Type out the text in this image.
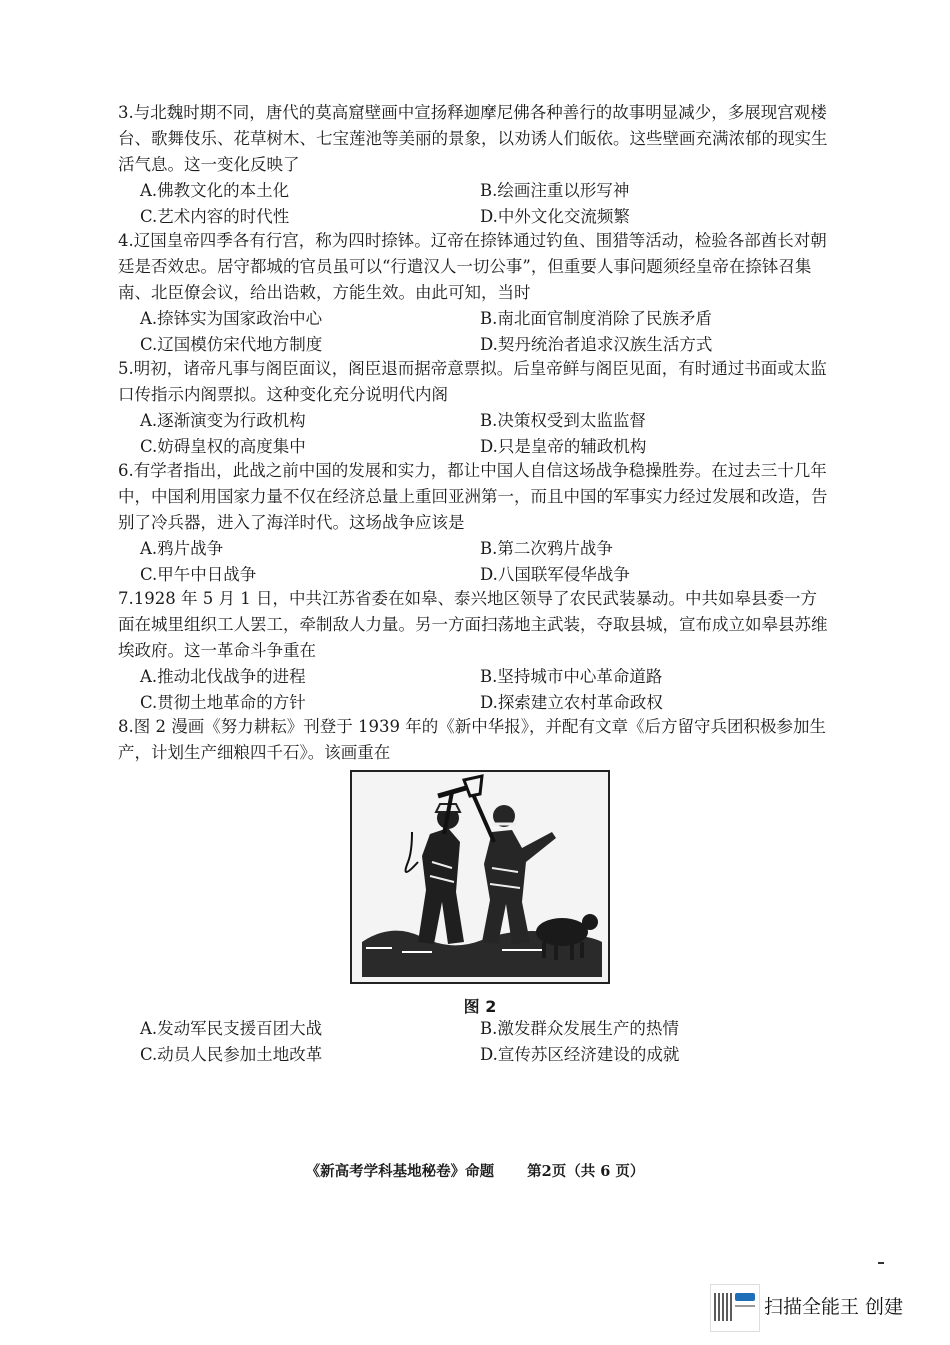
3.与北魏时期不同，唐代的莫高窟壁画中宣扬释迦摩尼佛各种善行的故事明显减少，多展现宫观楼台、歌舞伎乐、花草树木、七宝莲池等美丽的景象，以劝诱人们皈依。这些壁画充满浓郁的现实生活气息。这一变化反映了
A.佛教文化的本土化	B.绘画注重以形写神
C.艺术内容的时代性	D.中外文化交流频繁
4.辽国皇帝四季各有行宫，称为四时捺钵。辽帝在捺钵通过钓鱼、围猎等活动，检验各部酋长对朝廷是否效忠。居守都城的官员虽可以“行遣汉人一切公事”，但重要人事问题须经皇帝在捺钵召集南、北臣僚会议，给出诰敕，方能生效。由此可知，当时
A.捺钵实为国家政治中心	B.南北面官制度消除了民族矛盾
C.辽国模仿宋代地方制度	D.契丹统治者追求汉族生活方式
5.明初，诸帝凡事与阁臣面议，阁臣退而据帝意票拟。后皇帝鲜与阁臣见面，有时通过书面或太监口传指示内阁票拟。这种变化充分说明代内阁
A.逐渐演变为行政机构	B.决策权受到太监监督
C.妨碍皇权的高度集中	D.只是皇帝的辅政机构
6.有学者指出，此战之前中国的发展和实力，都让中国人自信这场战争稳操胜券。在过去三十几年中，中国利用国家力量不仅在经济总量上重回亚洲第一，而且中国的军事实力经过发展和改造，告别了冷兵器，进入了海洋时代。这场战争应该是
A.鸦片战争	B.第二次鸦片战争
C.甲午中日战争	D.八国联军侵华战争
7.1928 年 5 月 1 日，中共江苏省委在如皋、泰兴地区领导了农民武装暴动。中共如皋县委一方面在城里组织工人罢工，牵制敌人力量。另一方面扫荡地主武装，夺取县城，宣布成立如皋县苏维埃政府。这一革命斗争重在
A.推动北伐战争的进程	B.坚持城市中心革命道路
C.贯彻土地革命的方针	D.探索建立农村革命政权
8.图 2 漫画《努力耕耘》刊登于 1939 年的《新中华报》，并配有文章《后方留守兵团积极参加生产，计划生产细粮四千石》。该画重在
图 2
A.发动军民支援百团大战	B.激发群众发展生产的热情
C.动员人民参加土地改革	D.宣传苏区经济建设的成就
《新高考学科基地秘卷》命题 第2页（共 6 页）
扫描全能王 创建
